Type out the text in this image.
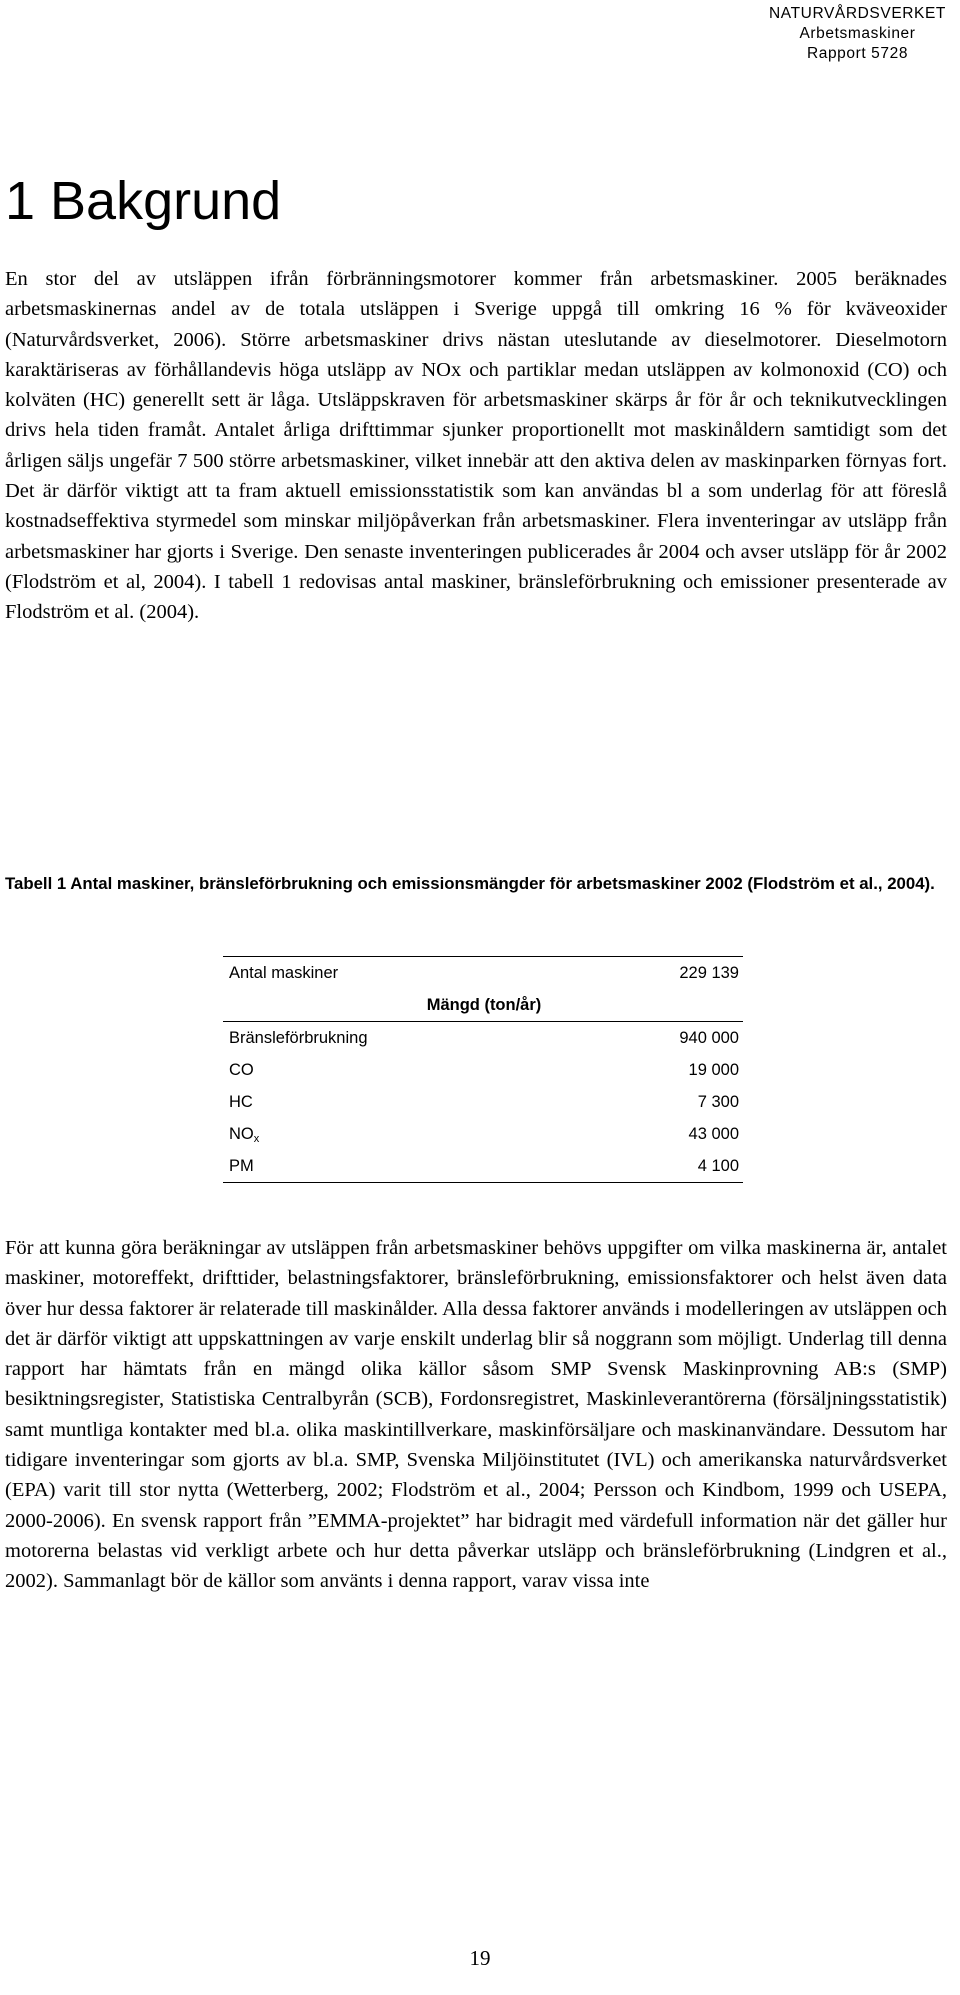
NATURVÅRDSVERKET
Arbetsmaskiner
Rapport 5728
1 Bakgrund

En stor del av utsläppen ifrån förbränningsmotorer kommer från arbetsmaskiner. 2005 beräknades arbetsmaskinernas andel av de totala utsläppen i Sverige uppgå till omkring 16 % för kväveoxider (Naturvårdsverket, 2006). Större arbetsmaskiner drivs nästan uteslutande av dieselmotorer. Dieselmotorn karaktäriseras av förhållandevis höga utsläpp av NOx och partiklar medan utsläppen av kolmonoxid (CO) och kolväten (HC) generellt sett är låga. Utsläppskraven för arbetsmaskiner skärps år för år och teknikutvecklingen drivs hela tiden framåt. Antalet årliga drifttimmar sjunker proportionellt mot maskinåldern samtidigt som det årligen säljs ungefär 7 500 större arbetsmaskiner, vilket innebär att den aktiva delen av maskinparken förnyas fort. Det är därför viktigt att ta fram aktuell emissionsstatistik som kan användas bl a som underlag för att föreslå kostnadseffektiva styrmedel som minskar miljöpåverkan från arbetsmaskiner. Flera inventeringar av utsläpp från arbetsmaskiner har gjorts i Sverige. Den senaste inventeringen publicerades år 2004 och avser utsläpp för år 2002 (Flodström et al, 2004). I tabell 1 redovisas antal maskiner, bränsleförbrukning och emissioner presenterade av Flodström et al. (2004).

Tabell 1 Antal maskiner, bränsleförbrukning och emissionsmängder för arbetsmaskiner 2002 (Flodström et al., 2004).

Antal maskiner	229 139
Mängd (ton/år)	
Bränsleförbrukning	940 000
CO	19 000
HC	7 300
$NO_x$	43 000
PM	4 100

För att kunna göra beräkningar av utsläppen från arbetsmaskiner behövs uppgifter om vilka maskinerna är, antalet maskiner, motoreffekt, drifttider, belastningsfaktorer, bränsleförbrukning, emissionsfaktorer och helst även data över hur dessa faktorer är relaterade till maskinålder. Alla dessa faktorer används i modelleringen av utsläppen och det är därför viktigt att uppskattningen av varje enskilt underlag blir så noggrann som möjligt. Underlag till denna rapport har hämtats från en mängd olika källor såsom SMP Svensk Maskinprovning AB:s (SMP) besiktningsregister, Statistiska Centralbyrån (SCB), Fordonsregistret, Maskinleverantörerna (försäljningsstatistik) samt muntliga kontakter med bl.a. olika maskintillverkare, maskinförsäljare och maskinanvändare. Dessutom har tidigare inventeringar som gjorts av bl.a. SMP, Svenska Miljöinstitutet (IVL) och amerikanska naturvårdsverket (EPA) varit till stor nytta (Wetterberg, 2002; Flodström et al., 2004; Persson och Kindbom, 1999 och USEPA, 2000-2006). En svensk rapport från ”EMMA-projektet” har bidragit med värdefull information när det gäller hur motorerna belastas vid verkligt arbete och hur detta påverkar utsläpp och bränsleförbrukning (Lindgren et al., 2002). Sammanlagt bör de källor som använts i denna rapport, varav vissa inte

19
